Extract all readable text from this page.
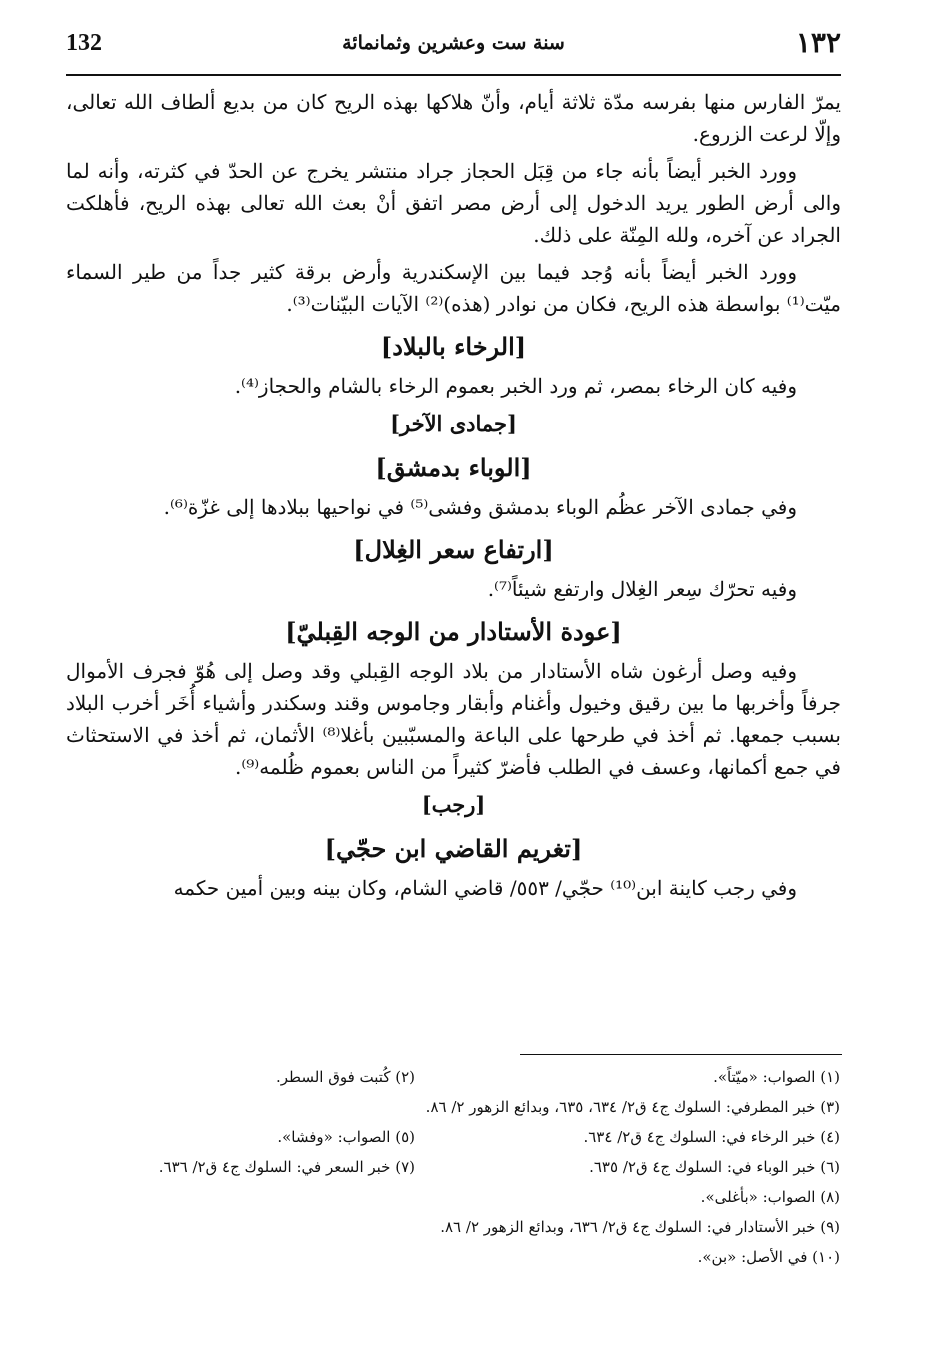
132	سنة ست وعشرين وثمانمائة	١٣٢

يمرّ الفارس منها بفرسه مدّة ثلاثة أيام، وأنّ هلاكها بهذه الريح كان من بديع ألطاف الله تعالى، وإلّا لرعت الزروع.

وورد الخبر أيضاً بأنه جاء من قِبَل الحجاز جراد منتشر يخرج عن الحدّ في كثرته، وأنه لما والى أرض الطور يريد الدخول إلى أرض مصر اتفق أنْ بعث الله تعالى بهذه الريح، فأهلكت الجراد عن آخره، ولله المِنّة على ذلك.

وورد الخبر أيضاً بأنه وُجد فيما بين الإسكندرية وأرض برقة كثير جداً من طير السماء ميّت⁽¹⁾ بواسطة هذه الريح، فكان من نوادر (هذه)⁽²⁾ الآيات البيّنات⁽³⁾.

[الرخاء بالبلاد]

وفيه كان الرخاء بمصر، ثم ورد الخبر بعموم الرخاء بالشام والحجاز⁽⁴⁾.

[جمادى الآخر]
[الوباء بدمشق]

وفي جمادى الآخر عظُم الوباء بدمشق وفشى⁽⁵⁾ في نواحيها ببلادها إلى غزّة⁽⁶⁾.

[ارتفاع سعر الغِلال]

وفيه تحرّك سِعر الغِلال وارتفع شيئاً⁽⁷⁾.

[عودة الأستادار من الوجه القِبليّ]

وفيه وصل أرغون شاه الأستادار من بلاد الوجه القِبلي وقد وصل إلى هُوّ فجرف الأموال جرفاً وأخربها ما بين رقيق وخيول وأغنام وأبقار وجاموس وقند وسكندر وأشياء أُخَر أخرب البلاد بسبب جمعها. ثم أخذ في طرحها على الباعة والمسبّبين بأغلا⁽⁸⁾ الأثمان، ثم أخذ في الاستحثاث في جمع أكمانها، وعسف في الطلب فأضرّ كثيراً من الناس بعموم ظُلمه⁽⁹⁾.

[رجب]
[تغريم القاضي ابن حجّي]

وفي رجب كاينة ابن⁽¹⁰⁾ حجّي/ ٥٥٣/ قاضي الشام، وكان بينه وبين أمين حكمه

(١) الصواب: «ميّتاً».
(٢) كُتبت فوق السطر.
(٣) خبر المطرفي: السلوك ج٤ ق٢/ ٦٣٤، ٦٣٥، وبدائع الزهور ٢/ ٨٦.
(٤) خبر الرخاء في: السلوك ج٤ ق٢/ ٦٣٤.
(٥) الصواب: «وفشا».
(٦) خبر الوباء في: السلوك ج٤ ق٢/ ٦٣٥.
(٧) خبر السعر في: السلوك ج٤ ق٢/ ٦٣٦.
(٨) الصواب: «بأغلى».
(٩) خبر الأستادار في: السلوك ج٤ ق٢/ ٦٣٦، وبدائع الزهور ٢/ ٨٦.
(١٠) في الأصل: «بن».
